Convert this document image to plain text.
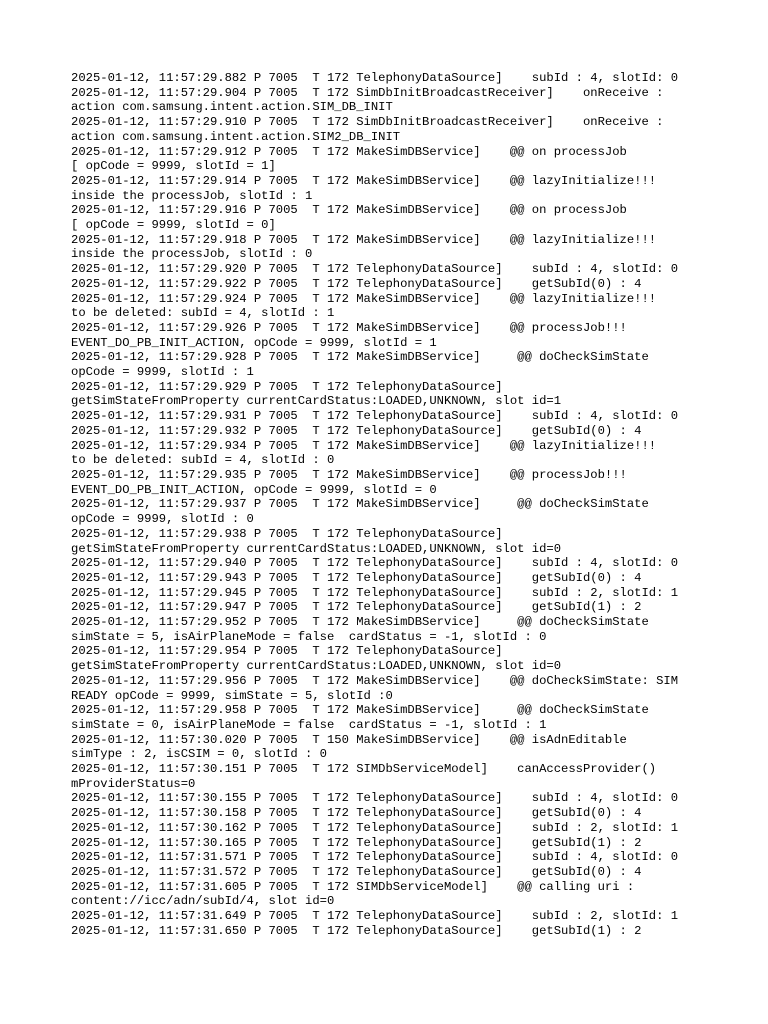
2025-01-12, 11:57:29.882 P 7005  T 172 TelephonyDataSource]    subId : 4, slotId: 0
2025-01-12, 11:57:29.904 P 7005  T 172 SimDbInitBroadcastReceiver]    onReceive :
action com.samsung.intent.action.SIM_DB_INIT
2025-01-12, 11:57:29.910 P 7005  T 172 SimDbInitBroadcastReceiver]    onReceive :
action com.samsung.intent.action.SIM2_DB_INIT
2025-01-12, 11:57:29.912 P 7005  T 172 MakeSimDBService]    @@ on processJob
[ opCode = 9999, slotId = 1]
2025-01-12, 11:57:29.914 P 7005  T 172 MakeSimDBService]    @@ lazyInitialize!!!
inside the processJob, slotId : 1
2025-01-12, 11:57:29.916 P 7005  T 172 MakeSimDBService]    @@ on processJob
[ opCode = 9999, slotId = 0]
2025-01-12, 11:57:29.918 P 7005  T 172 MakeSimDBService]    @@ lazyInitialize!!!
inside the processJob, slotId : 0
2025-01-12, 11:57:29.920 P 7005  T 172 TelephonyDataSource]    subId : 4, slotId: 0
2025-01-12, 11:57:29.922 P 7005  T 172 TelephonyDataSource]    getSubId(0) : 4
2025-01-12, 11:57:29.924 P 7005  T 172 MakeSimDBService]    @@ lazyInitialize!!!
to be deleted: subId = 4, slotId : 1
2025-01-12, 11:57:29.926 P 7005  T 172 MakeSimDBService]    @@ processJob!!!
EVENT_DO_PB_INIT_ACTION, opCode = 9999, slotId = 1
2025-01-12, 11:57:29.928 P 7005  T 172 MakeSimDBService]     @@ doCheckSimState
opCode = 9999, slotId : 1
2025-01-12, 11:57:29.929 P 7005  T 172 TelephonyDataSource]
getSimStateFromProperty currentCardStatus:LOADED,UNKNOWN, slot id=1
2025-01-12, 11:57:29.931 P 7005  T 172 TelephonyDataSource]    subId : 4, slotId: 0
2025-01-12, 11:57:29.932 P 7005  T 172 TelephonyDataSource]    getSubId(0) : 4
2025-01-12, 11:57:29.934 P 7005  T 172 MakeSimDBService]    @@ lazyInitialize!!!
to be deleted: subId = 4, slotId : 0
2025-01-12, 11:57:29.935 P 7005  T 172 MakeSimDBService]    @@ processJob!!!
EVENT_DO_PB_INIT_ACTION, opCode = 9999, slotId = 0
2025-01-12, 11:57:29.937 P 7005  T 172 MakeSimDBService]     @@ doCheckSimState
opCode = 9999, slotId : 0
2025-01-12, 11:57:29.938 P 7005  T 172 TelephonyDataSource]
getSimStateFromProperty currentCardStatus:LOADED,UNKNOWN, slot id=0
2025-01-12, 11:57:29.940 P 7005  T 172 TelephonyDataSource]    subId : 4, slotId: 0
2025-01-12, 11:57:29.943 P 7005  T 172 TelephonyDataSource]    getSubId(0) : 4
2025-01-12, 11:57:29.945 P 7005  T 172 TelephonyDataSource]    subId : 2, slotId: 1
2025-01-12, 11:57:29.947 P 7005  T 172 TelephonyDataSource]    getSubId(1) : 2
2025-01-12, 11:57:29.952 P 7005  T 172 MakeSimDBService]     @@ doCheckSimState
simState = 5, isAirPlaneMode = false  cardStatus = -1, slotId : 0
2025-01-12, 11:57:29.954 P 7005  T 172 TelephonyDataSource]
getSimStateFromProperty currentCardStatus:LOADED,UNKNOWN, slot id=0
2025-01-12, 11:57:29.956 P 7005  T 172 MakeSimDBService]    @@ doCheckSimState: SIM
READY opCode = 9999, simState = 5, slotId :0
2025-01-12, 11:57:29.958 P 7005  T 172 MakeSimDBService]     @@ doCheckSimState
simState = 0, isAirPlaneMode = false  cardStatus = -1, slotId : 1
2025-01-12, 11:57:30.020 P 7005  T 150 MakeSimDBService]    @@ isAdnEditable
simType : 2, isCSIM = 0, slotId : 0
2025-01-12, 11:57:30.151 P 7005  T 172 SIMDbServiceModel]    canAccessProvider()
mProviderStatus=0
2025-01-12, 11:57:30.155 P 7005  T 172 TelephonyDataSource]    subId : 4, slotId: 0
2025-01-12, 11:57:30.158 P 7005  T 172 TelephonyDataSource]    getSubId(0) : 4
2025-01-12, 11:57:30.162 P 7005  T 172 TelephonyDataSource]    subId : 2, slotId: 1
2025-01-12, 11:57:30.165 P 7005  T 172 TelephonyDataSource]    getSubId(1) : 2
2025-01-12, 11:57:31.571 P 7005  T 172 TelephonyDataSource]    subId : 4, slotId: 0
2025-01-12, 11:57:31.572 P 7005  T 172 TelephonyDataSource]    getSubId(0) : 4
2025-01-12, 11:57:31.605 P 7005  T 172 SIMDbServiceModel]    @@ calling uri :
content://icc/adn/subId/4, slot id=0
2025-01-12, 11:57:31.649 P 7005  T 172 TelephonyDataSource]    subId : 2, slotId: 1
2025-01-12, 11:57:31.650 P 7005  T 172 TelephonyDataSource]    getSubId(1) : 2
